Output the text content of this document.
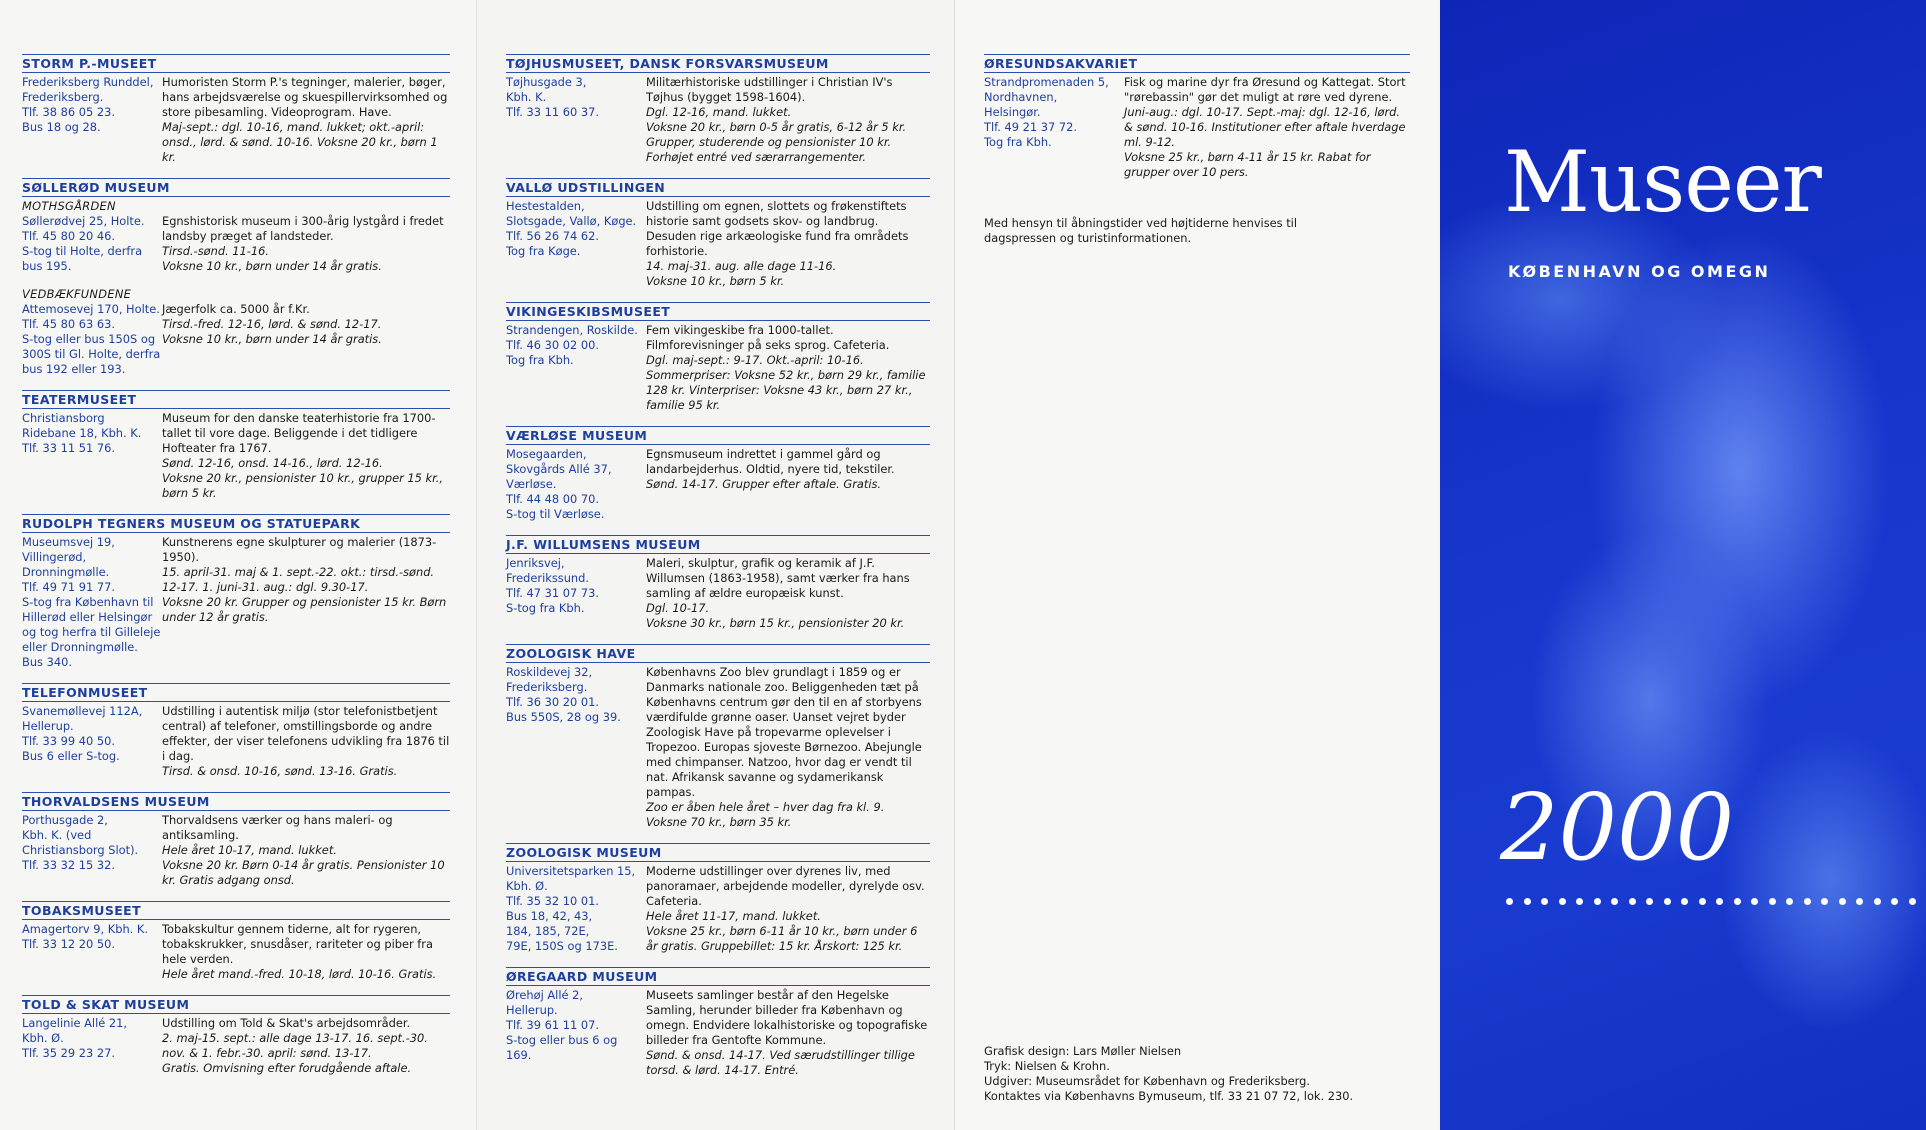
STORM P.-MUSEET
Frederiksberg Runddel,
Frederiksberg.
Tlf. 38 86 05 23.
Bus 18 og 28.

Humoristen Storm P.'s tegninger, malerier, bøger, hans arbejdsværelse og skuespillervirksomhed og store pibesamling. Videoprogram. Have.

Maj-sept.: dgl. 10-16, mand. lukket; okt.-april: onsd., lørd. & sønd. 10-16. Voksne 20 kr., børn 1 kr.

SØLLERØD MUSEUM
MOTHSGÅRDEN
Søllerødvej 25, Holte.
Tlf. 45 80 20 46.
S-tog til Holte, derfra
bus 195.

Egnshistorisk museum i 300-årig lystgård i fredet landsby præget af landsteder.

Tirsd.-sønd. 11-16.
Voksne 10 kr., børn under 14 år gratis.

VEDBÆKFUNDENE
Attemosevej 170, Holte.
Tlf. 45 80 63 63.
S-tog eller bus 150S og
300S til Gl. Holte, derfra
bus 192 eller 193.

Jægerfolk ca. 5000 år f.Kr.

Tirsd.-fred. 12-16, lørd. & sønd. 12-17.
Voksne 10 kr., børn under 14 år gratis.

TEATERMUSEET
Christiansborg
Ridebane 18, Kbh. K.
Tlf. 33 11 51 76.

Museum for den danske teaterhistorie fra 1700-tallet til vore dage. Beliggende i det tidligere Hofteater fra 1767.

Sønd. 12-16, onsd. 14-16., lørd. 12-16.
Voksne 20 kr., pensionister 10 kr., grupper 15 kr., børn 5 kr.

RUDOLPH TEGNERS MUSEUM OG STATUEPARK
Museumsvej 19, Villingerød, Dronningmølle.
Tlf. 49 71 91 77.
S-tog fra København til
Hillerød eller Helsingør
og tog herfra til Gilleleje
eller Dronningmølle.
Bus 340.

Kunstnerens egne skulpturer og malerier (1873-1950).

15. april-31. maj & 1. sept.-22. okt.: tirsd.-sønd. 12-17. 1. juni-31. aug.: dgl. 9.30-17.
Voksne 20 kr. Grupper og pensionister 15 kr. Børn under 12 år gratis.

TELEFONMUSEET
Svanemøllevej 112A,
Hellerup.
Tlf. 33 99 40 50.
Bus 6 eller S-tog.

Udstilling i autentisk miljø (stor telefonistbetjent central) af telefoner, omstillingsborde og andre effekter, der viser telefonens udvikling fra 1876 til i dag.

Tirsd. & onsd. 10-16, sønd. 13-16. Gratis.

THORVALDSENS MUSEUM
Porthusgade 2,
Kbh. K. (ved Christiansborg Slot).
Tlf. 33 32 15 32.

Thorvaldsens værker og hans maleri- og antiksamling.

Hele året 10-17, mand. lukket.
Voksne 20 kr. Børn 0-14 år gratis. Pensionister 10 kr. Gratis adgang onsd.

TOBAKSMUSEET
Amagertorv 9, Kbh. K.
Tlf. 33 12 20 50.

Tobakskultur gennem tiderne, alt for rygeren, tobakskrukker, snusdåser, rariteter og piber fra hele verden.

Hele året mand.-fred. 10-18, lørd. 10-16. Gratis.

TOLD & SKAT MUSEUM
Langelinie Allé 21,
Kbh. Ø.
Tlf. 35 29 23 27.

Udstilling om Told & Skat's arbejdsområder.

2. maj-15. sept.: alle dage 13-17. 16. sept.-30. nov. & 1. febr.-30. april: sønd. 13-17.
Gratis. Omvisning efter forudgående aftale.

TØJHUSMUSEET, DANSK FORSVARSMUSEUM
Tøjhusgade 3,
Kbh. K.
Tlf. 33 11 60 37.

Militærhistoriske udstillinger i Christian IV's Tøjhus (bygget 1598-1604).

Dgl. 12-16, mand. lukket.
Voksne 20 kr., børn 0-5 år gratis, 6-12 år 5 kr.
Grupper, studerende og pensionister 10 kr.
Forhøjet entré ved særarrangementer.

VALLØ UDSTILLINGEN
Hestestalden,
Slotsgade, Vallø, Køge.
Tlf. 56 26 74 62.
Tog fra Køge.

Udstilling om egnen, slottets og frøkenstiftets historie samt godsets skov- og landbrug. Desuden rige arkæologiske fund fra områdets forhistorie.

14. maj-31. aug. alle dage 11-16.
Voksne 10 kr., børn 5 kr.

VIKINGESKIBSMUSEET
Strandengen, Roskilde.
Tlf. 46 30 02 00.
Tog fra Kbh.

Fem vikingeskibe fra 1000-tallet. Filmforevisninger på seks sprog. Cafeteria.

Dgl. maj-sept.: 9-17. Okt.-april: 10-16.
Sommerpriser: Voksne 52 kr., børn 29 kr., familie 128 kr. Vinterpriser: Voksne 43 kr., børn 27 kr., familie 95 kr.

VÆRLØSE MUSEUM
Mosegaarden, Skovgårds Allé 37, Værløse.
Tlf. 44 48 00 70.
S-tog til Værløse.

Egnsmuseum indrettet i gammel gård og landarbejderhus. Oldtid, nyere tid, tekstiler.

Sønd. 14-17. Grupper efter aftale. Gratis.

J.F. WILLUMSENS MUSEUM
Jenriksvej,
Frederikssund.
Tlf. 47 31 07 73.
S-tog fra Kbh.

Maleri, skulptur, grafik og keramik af J.F. Willumsen (1863-1958), samt værker fra hans samling af ældre europæisk kunst.

Dgl. 10-17.
Voksne 30 kr., børn 15 kr., pensionister 20 kr.

ZOOLOGISK HAVE
Roskildevej 32,
Frederiksberg.
Tlf. 36 30 20 01.
Bus 550S, 28 og 39.

Københavns Zoo blev grundlagt i 1859 og er Danmarks nationale zoo. Beliggenheden tæt på Københavns centrum gør den til en af storbyens værdifulde grønne oaser. Uanset vejret byder Zoologisk Have på tropevarme oplevelser i Tropezoo. Europas sjoveste Børnezoo. Abejungle med chimpanser. Natzoo, hvor dag er vendt til nat. Afrikansk savanne og sydamerikansk pampas.

Zoo er åben hele året – hver dag fra kl. 9.
Voksne 70 kr., børn 35 kr.

ZOOLOGISK MUSEUM
Universitetsparken 15,
Kbh. Ø.
Tlf. 35 32 10 01.
Bus 18, 42, 43,
184, 185, 72E,
79E, 150S og 173E.

Moderne udstillinger over dyrenes liv, med panoramaer, arbejdende modeller, dyrelyde osv. Cafeteria.

Hele året 11-17, mand. lukket.
Voksne 25 kr., børn 6-11 år 10 kr., børn under 6 år gratis. Gruppebillet: 15 kr. Årskort: 125 kr.

ØREGAARD MUSEUM
Ørehøj Allé 2,
Hellerup.
Tlf. 39 61 11 07.
S-tog eller bus 6 og 169.

Museets samlinger består af den Hegelske Samling, herunder billeder fra København og omegn. Endvidere lokalhistoriske og topografiske billeder fra Gentofte Kommune.

Sønd. & onsd. 14-17. Ved særudstillinger tillige torsd. & lørd. 14-17. Entré.

ØRESUNDSAKVARIET
Strandpromenaden 5,
Nordhavnen,
Helsingør.
Tlf. 49 21 37 72.
Tog fra Kbh.

Fisk og marine dyr fra Øresund og Kattegat. Stort "rørebassin" gør det muligt at røre ved dyrene.

Juni-aug.: dgl. 10-17. Sept.-maj: dgl. 12-16, lørd. & sønd. 10-16. Institutioner efter aftale hverdage ml. 9-12.
Voksne 25 kr., børn 4-11 år 15 kr. Rabat for grupper over 10 pers.

Med hensyn til åbningstider ved højtiderne henvises til dagspressen og turistinformationen.
Grafisk design: Lars Møller Nielsen
Tryk: Nielsen & Krohn.
Udgiver: Museumsrådet for København og Frederiksberg.
Kontaktes via Københavns Bymuseum, tlf. 33 21 07 72, lok. 230.
Museer
KØBENHAVN OG OMEGN
2000
